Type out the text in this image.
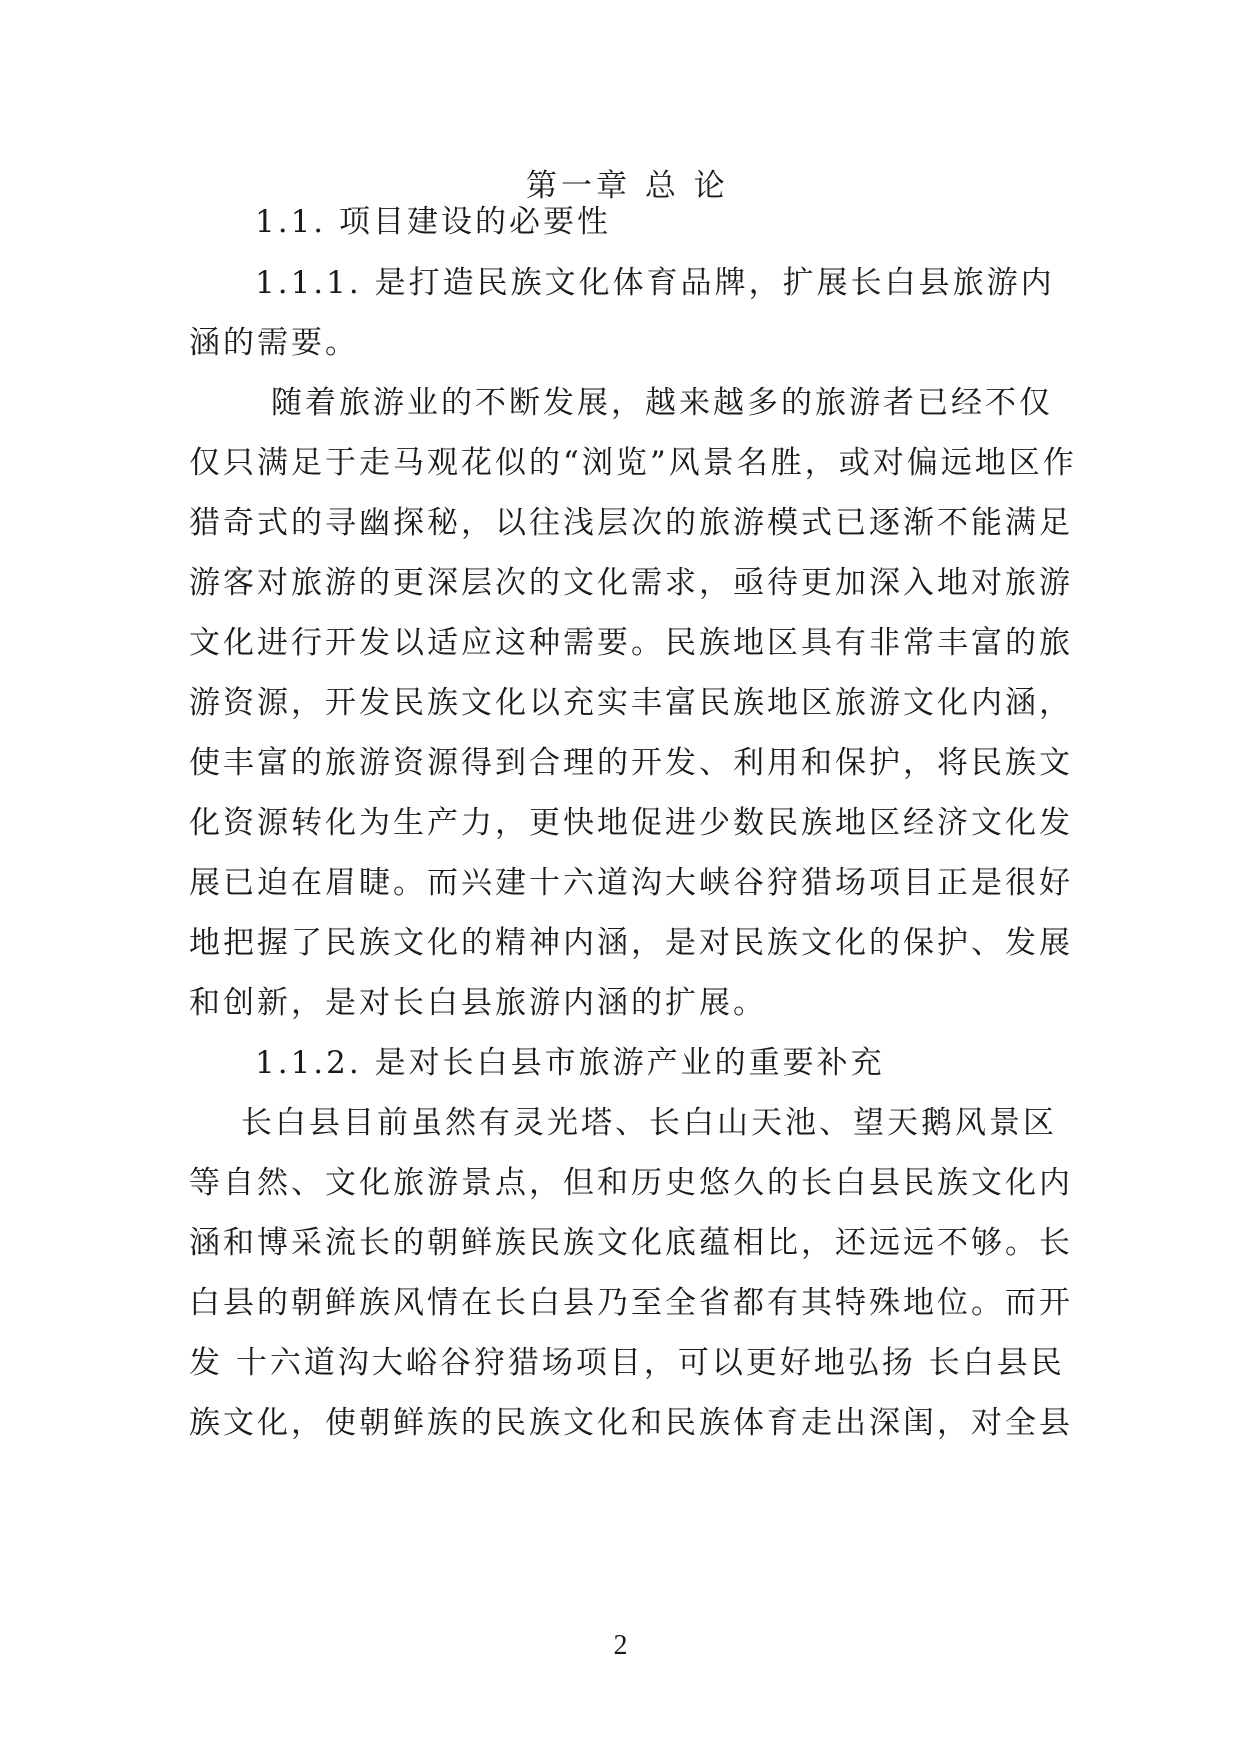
第一章 总 论
1.1. 项目建设的必要性
1.1.1. 是打造民族文化体育品牌，扩展长白县旅游内
涵的需要。
随着旅游业的不断发展，越来越多的旅游者已经不仅
仅只满足于走马观花似的“浏览”风景名胜，或对偏远地区作
猎奇式的寻幽探秘，以往浅层次的旅游模式已逐渐不能满足
游客对旅游的更深层次的文化需求，亟待更加深入地对旅游
文化进行开发以适应这种需要。民族地区具有非常丰富的旅
游资源，开发民族文化以充实丰富民族地区旅游文化内涵，
使丰富的旅游资源得到合理的开发、利用和保护，将民族文
化资源转化为生产力，更快地促进少数民族地区经济文化发
展已迫在眉睫。而兴建十六道沟大峡谷狩猎场项目正是很好
地把握了民族文化的精神内涵，是对民族文化的保护、发展
和创新，是对长白县旅游内涵的扩展。
1.1.2. 是对长白县市旅游产业的重要补充
长白县目前虽然有灵光塔、长白山天池、望天鹅风景区
等自然、文化旅游景点，但和历史悠久的长白县民族文化内
涵和博采流长的朝鲜族民族文化底蕴相比，还远远不够。长
白县的朝鲜族风情在长白县乃至全省都有其特殊地位。而开
发 十六道沟大峪谷狩猎场项目，可以更好地弘扬 长白县民
族文化，使朝鲜族的民族文化和民族体育走出深闺，对全县
2
